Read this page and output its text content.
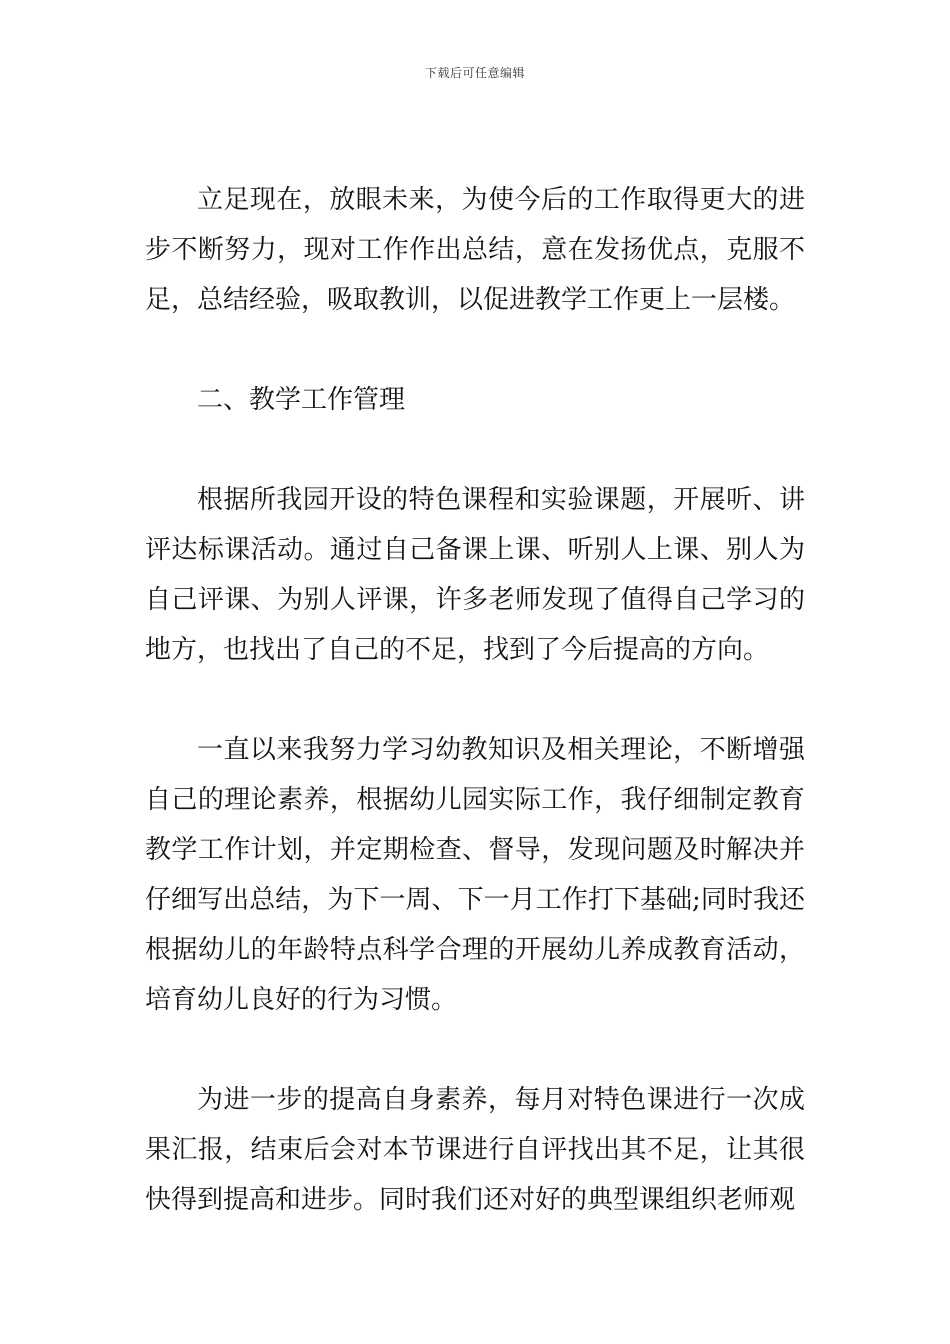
下载后可任意编辑

立足现在，放眼未来，为使今后的工作取得更大的进步不断努力，现对工作作出总结，意在发扬优点，克服不足，总结经验，吸取教训，以促进教学工作更上一层楼。

二、教学工作管理

根据所我园开设的特色课程和实验课题，开展听、讲评达标课活动。通过自己备课上课、听别人上课、别人为自己评课、为别人评课，许多老师发现了值得自己学习的地方，也找出了自己的不足，找到了今后提高的方向。

一直以来我努力学习幼教知识及相关理论，不断增强自己的理论素养，根据幼儿园实际工作，我仔细制定教育教学工作计划，并定期检查、督导，发现问题及时解决并仔细写出总结，为下一周、下一月工作打下基础;同时我还根据幼儿的年龄特点科学合理的开展幼儿养成教育活动，培育幼儿良好的行为习惯。

为进一步的提高自身素养，每月对特色课进行一次成果汇报，结束后会对本节课进行自评找出其不足，让其很快得到提高和进步。同时我们还对好的典型课组织老师观
